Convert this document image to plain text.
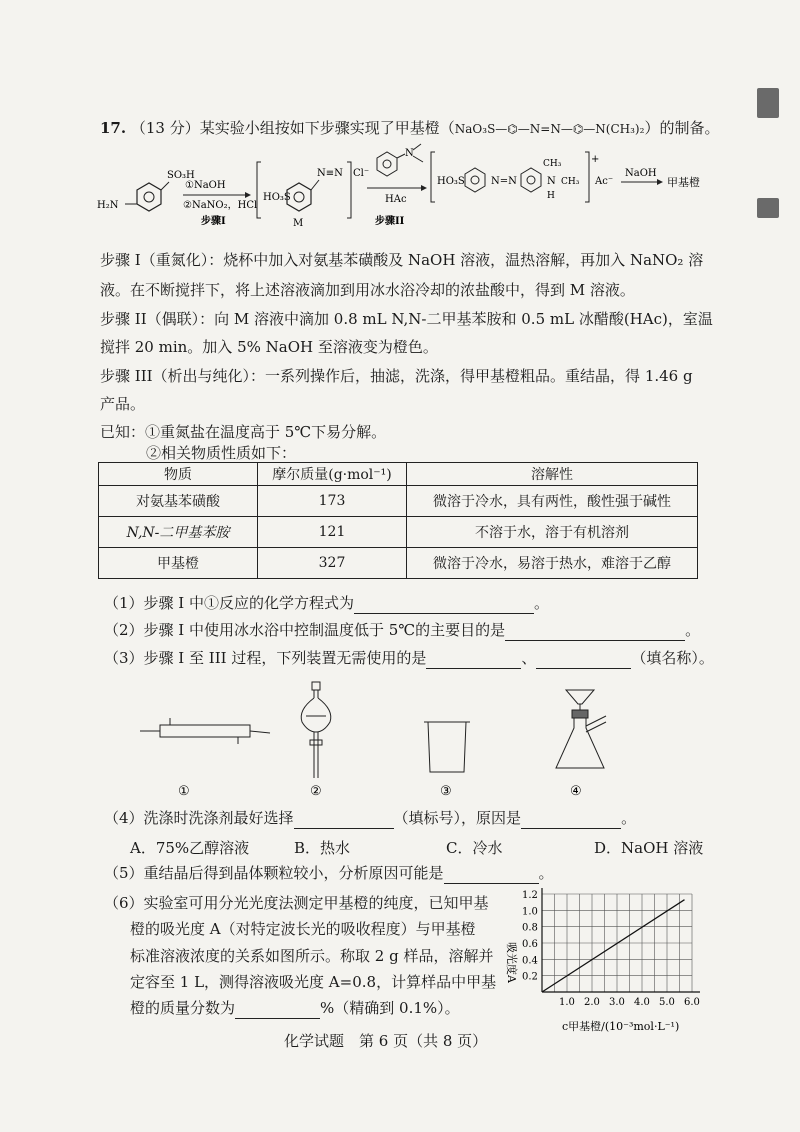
17. （13 分）某实验小组按如下步骤实现了甲基橙（NaO₃S—⌬—N=N—⌬—N(CH₃)₂）的制备。
SO₃H
H₂N
①NaOH
②NaNO₂，HCl
步骤I
HO₃S
N≡N
M
Cl⁻
N
HAc
步骤II
HO₃S	N=N	N
H
CH₃
CH₃
+
Ac⁻
NaOH
甲基橙
步骤 I（重氮化）：烧杯中加入对氨基苯磺酸及 NaOH 溶液，温热溶解，再加入 NaNO₂ 溶
液。在不断搅拌下，将上述溶液滴加到用冰水浴冷却的浓盐酸中，得到 M 溶液。
步骤 II（偶联）：向 M 溶液中滴加 0.8 mL N,N-二甲基苯胺和 0.5 mL 冰醋酸(HAc)，室温
搅拌 20 min。加入 5% NaOH 至溶液变为橙色。
步骤 III（析出与纯化）：一系列操作后，抽滤，洗涤，得甲基橙粗品。重结晶，得 1.46 g
产品。
已知：①重氮盐在温度高于 5℃下易分解。
②相关物质性质如下：
物质	摩尔质量(g·mol⁻¹)	溶解性
对氨基苯磺酸	173	微溶于冷水，具有两性，酸性强于碱性
N,N-二甲基苯胺	121	不溶于水，溶于有机溶剂
甲基橙	327	微溶于冷水，易溶于热水，难溶于乙醇
（1）步骤 I 中①反应的化学方程式为	。
（2）步骤 I 中使用冰水浴中控制温度低于 5℃的主要目的是	。
（3）步骤 I 至 III 过程，下列装置无需使用的是	、	（填名称）。
①	②	③	④
（4）洗涤时洗涤剂最好选择	（填标号），原因是	。
A．75%乙醇溶液	B．热水	C．冷水	D．NaOH 溶液
（5）重结晶后得到晶体颗粒较小，分析原因可能是	。
（6）实验室可用分光光度法测定甲基橙的纯度，已知甲基
橙的吸光度 A（对特定波长光的吸收程度）与甲基橙
标准溶液浓度的关系如图所示。称取 2 g 样品，溶解并
定容至 1 L，测得溶液吸光度 A=0.8，计算样品中甲基
橙的质量分数为	%（精确到 0.1%）。	1.0 2.0 3.0 4.0 5.0 6.0
0.2
0.4
0.6
0.8
1.0
1.2
吸光度A
c甲基橙/(10⁻³mol·L⁻¹)
化学试题　第 6 页（共 8 页）
